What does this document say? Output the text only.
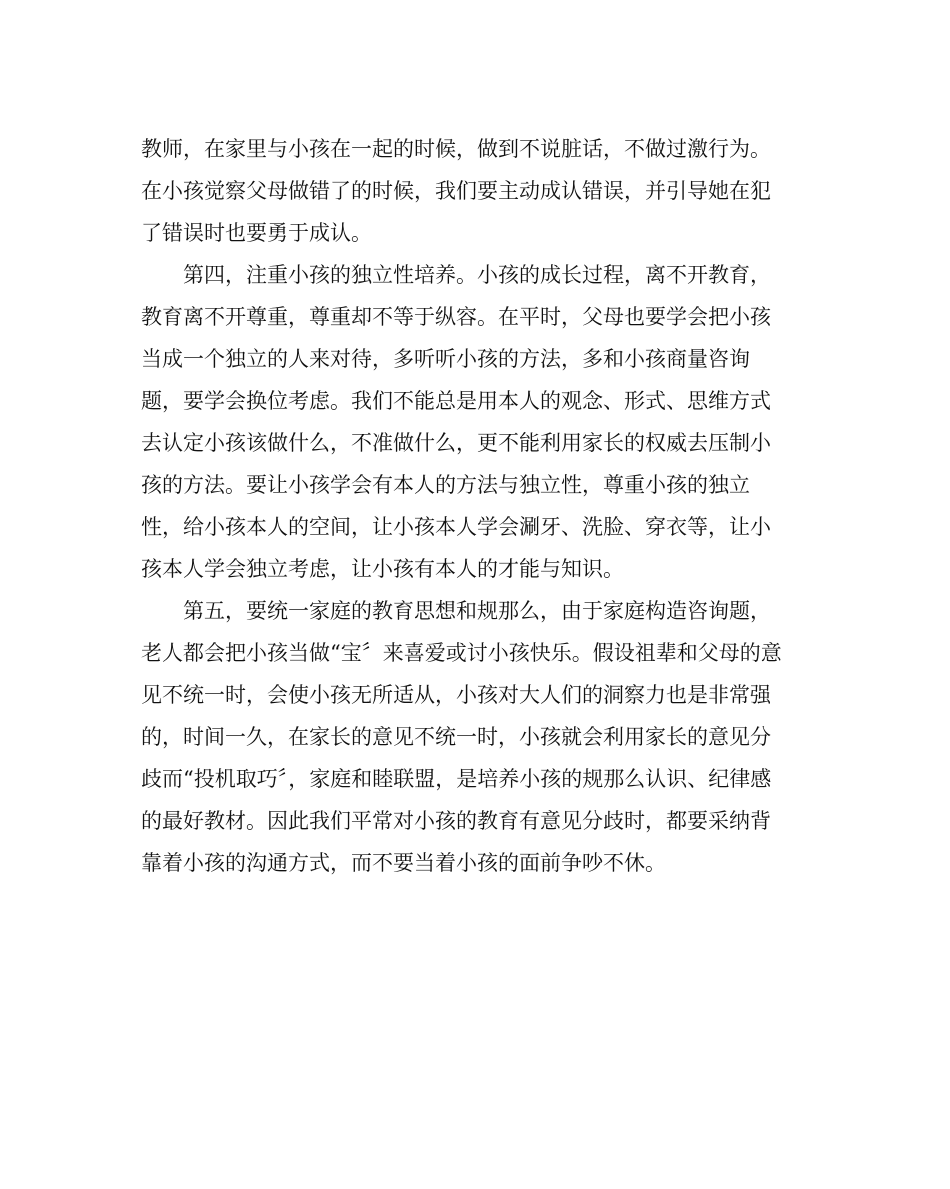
教师，在家里与小孩在一起的时候，做到不说脏话，不做过激行为。
在小孩觉察父母做错了的时候，我们要主动成认错误，并引导她在犯
了错误时也要勇于成认。
第四，注重小孩的独立性培养。小孩的成长过程，离不开教育，
教育离不开尊重，尊重却不等于纵容。在平时，父母也要学会把小孩
当成一个独立的人来对待，多听听小孩的方法，多和小孩商量咨询
题，要学会换位考虑。我们不能总是用本人的观念、形式、思维方式
去认定小孩该做什么，不准做什么，更不能利用家长的权威去压制小
孩的方法。要让小孩学会有本人的方法与独立性，尊重小孩的独立
性，给小孩本人的空间，让小孩本人学会涮牙、洗脸、穿衣等，让小
孩本人学会独立考虑，让小孩有本人的才能与知识。
第五，要统一家庭的教育思想和规那么，由于家庭构造咨询题，
老人都会把小孩当做“宝〞来喜爱或讨小孩快乐。假设祖辈和父母的意
见不统一时，会使小孩无所适从，小孩对大人们的洞察力也是非常强
的，时间一久，在家长的意见不统一时，小孩就会利用家长的意见分
歧而“投机取巧〞，家庭和睦联盟，是培养小孩的规那么认识、纪律感
的最好教材。因此我们平常对小孩的教育有意见分歧时，都要采纳背
靠着小孩的沟通方式，而不要当着小孩的面前争吵不休。
